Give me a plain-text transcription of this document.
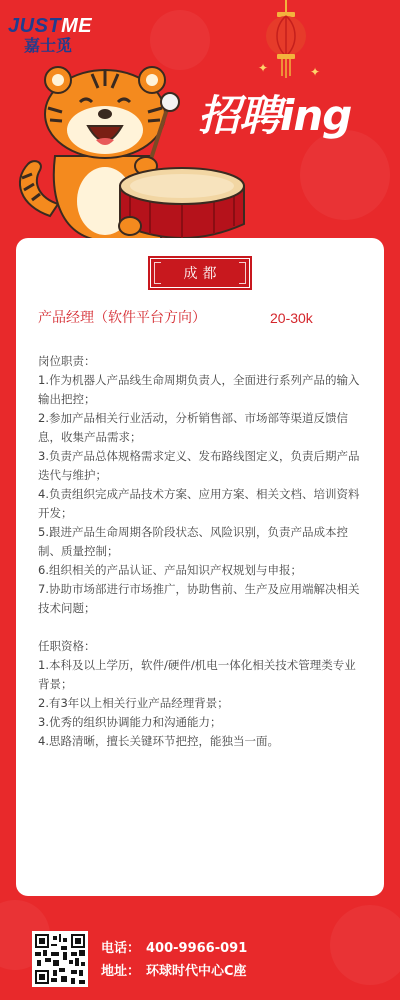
JUSTME
嘉士觅
✦	✦
招聘ing
成都
产品经理（软件平台方向）	20-30k
岗位职责：
1.作为机器人产品线生命周期负责人，全面进行系列产品的输入输出把控；
2.参加产品相关行业活动，分析销售部、市场部等渠道反馈信息，收集产品需求；
3.负责产品总体规格需求定义、发布路线图定义，负责后期产品迭代与维护；
4.负责组织完成产品技术方案、应用方案、相关文档、培训资料开发；
5.跟进产品生命周期各阶段状态、风险识别，负责产品成本控制、质量控制；
6.组织相关的产品认证、产品知识产权规划与申报；
7.协助市场部进行市场推广，协助售前、生产及应用端解决相关技术问题；
任职资格：
1.本科及以上学历，软件/硬件/机电一体化相关技术管理类专业背景；
2.有3年以上相关行业产品经理背景；
3.优秀的组织协调能力和沟通能力；
4.思路清晰，擅长关键环节把控，能独当一面。
电话： 400-9966-091
地址： 环球时代中心C座
